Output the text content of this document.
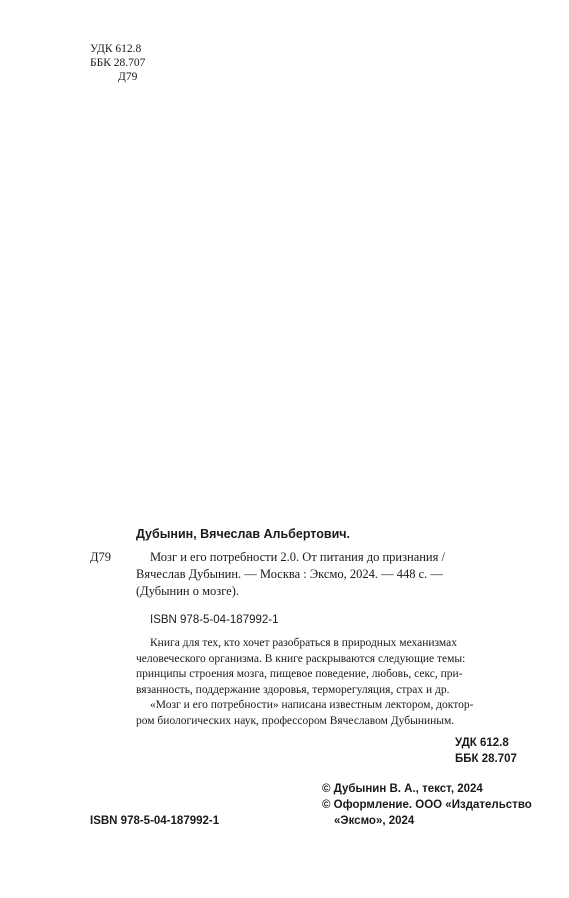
УДК 612.8
ББК 28.707
Д79
Дубынин, Вячеслав Альбертович.
Д79	Мозг и его потребности 2.0. От питания до признания /
Вячеслав Дубынин. — Москва : Эксмо, 2024. — 448 с. —
(Дубынин о мозге).
ISBN 978-5-04-187992-1
Книга для тех, кто хочет разобраться в природных механизмах
человеческого организма. В книге раскрываются следующие темы:
принципы строения мозга, пищевое поведение, любовь, секс, при-
вязанность, поддержание здоровья, терморегуляция, страх и др.
«Мозг и его потребности» написана известным лектором, доктор-
ром биологических наук, профессором Вячеславом Дубыниным.
УДК 612.8
ББК 28.707
© Дубынин В. А., текст, 2024
© Оформление. ООО «Издательство
«Эксмо», 2024
ISBN 978-5-04-187992-1
